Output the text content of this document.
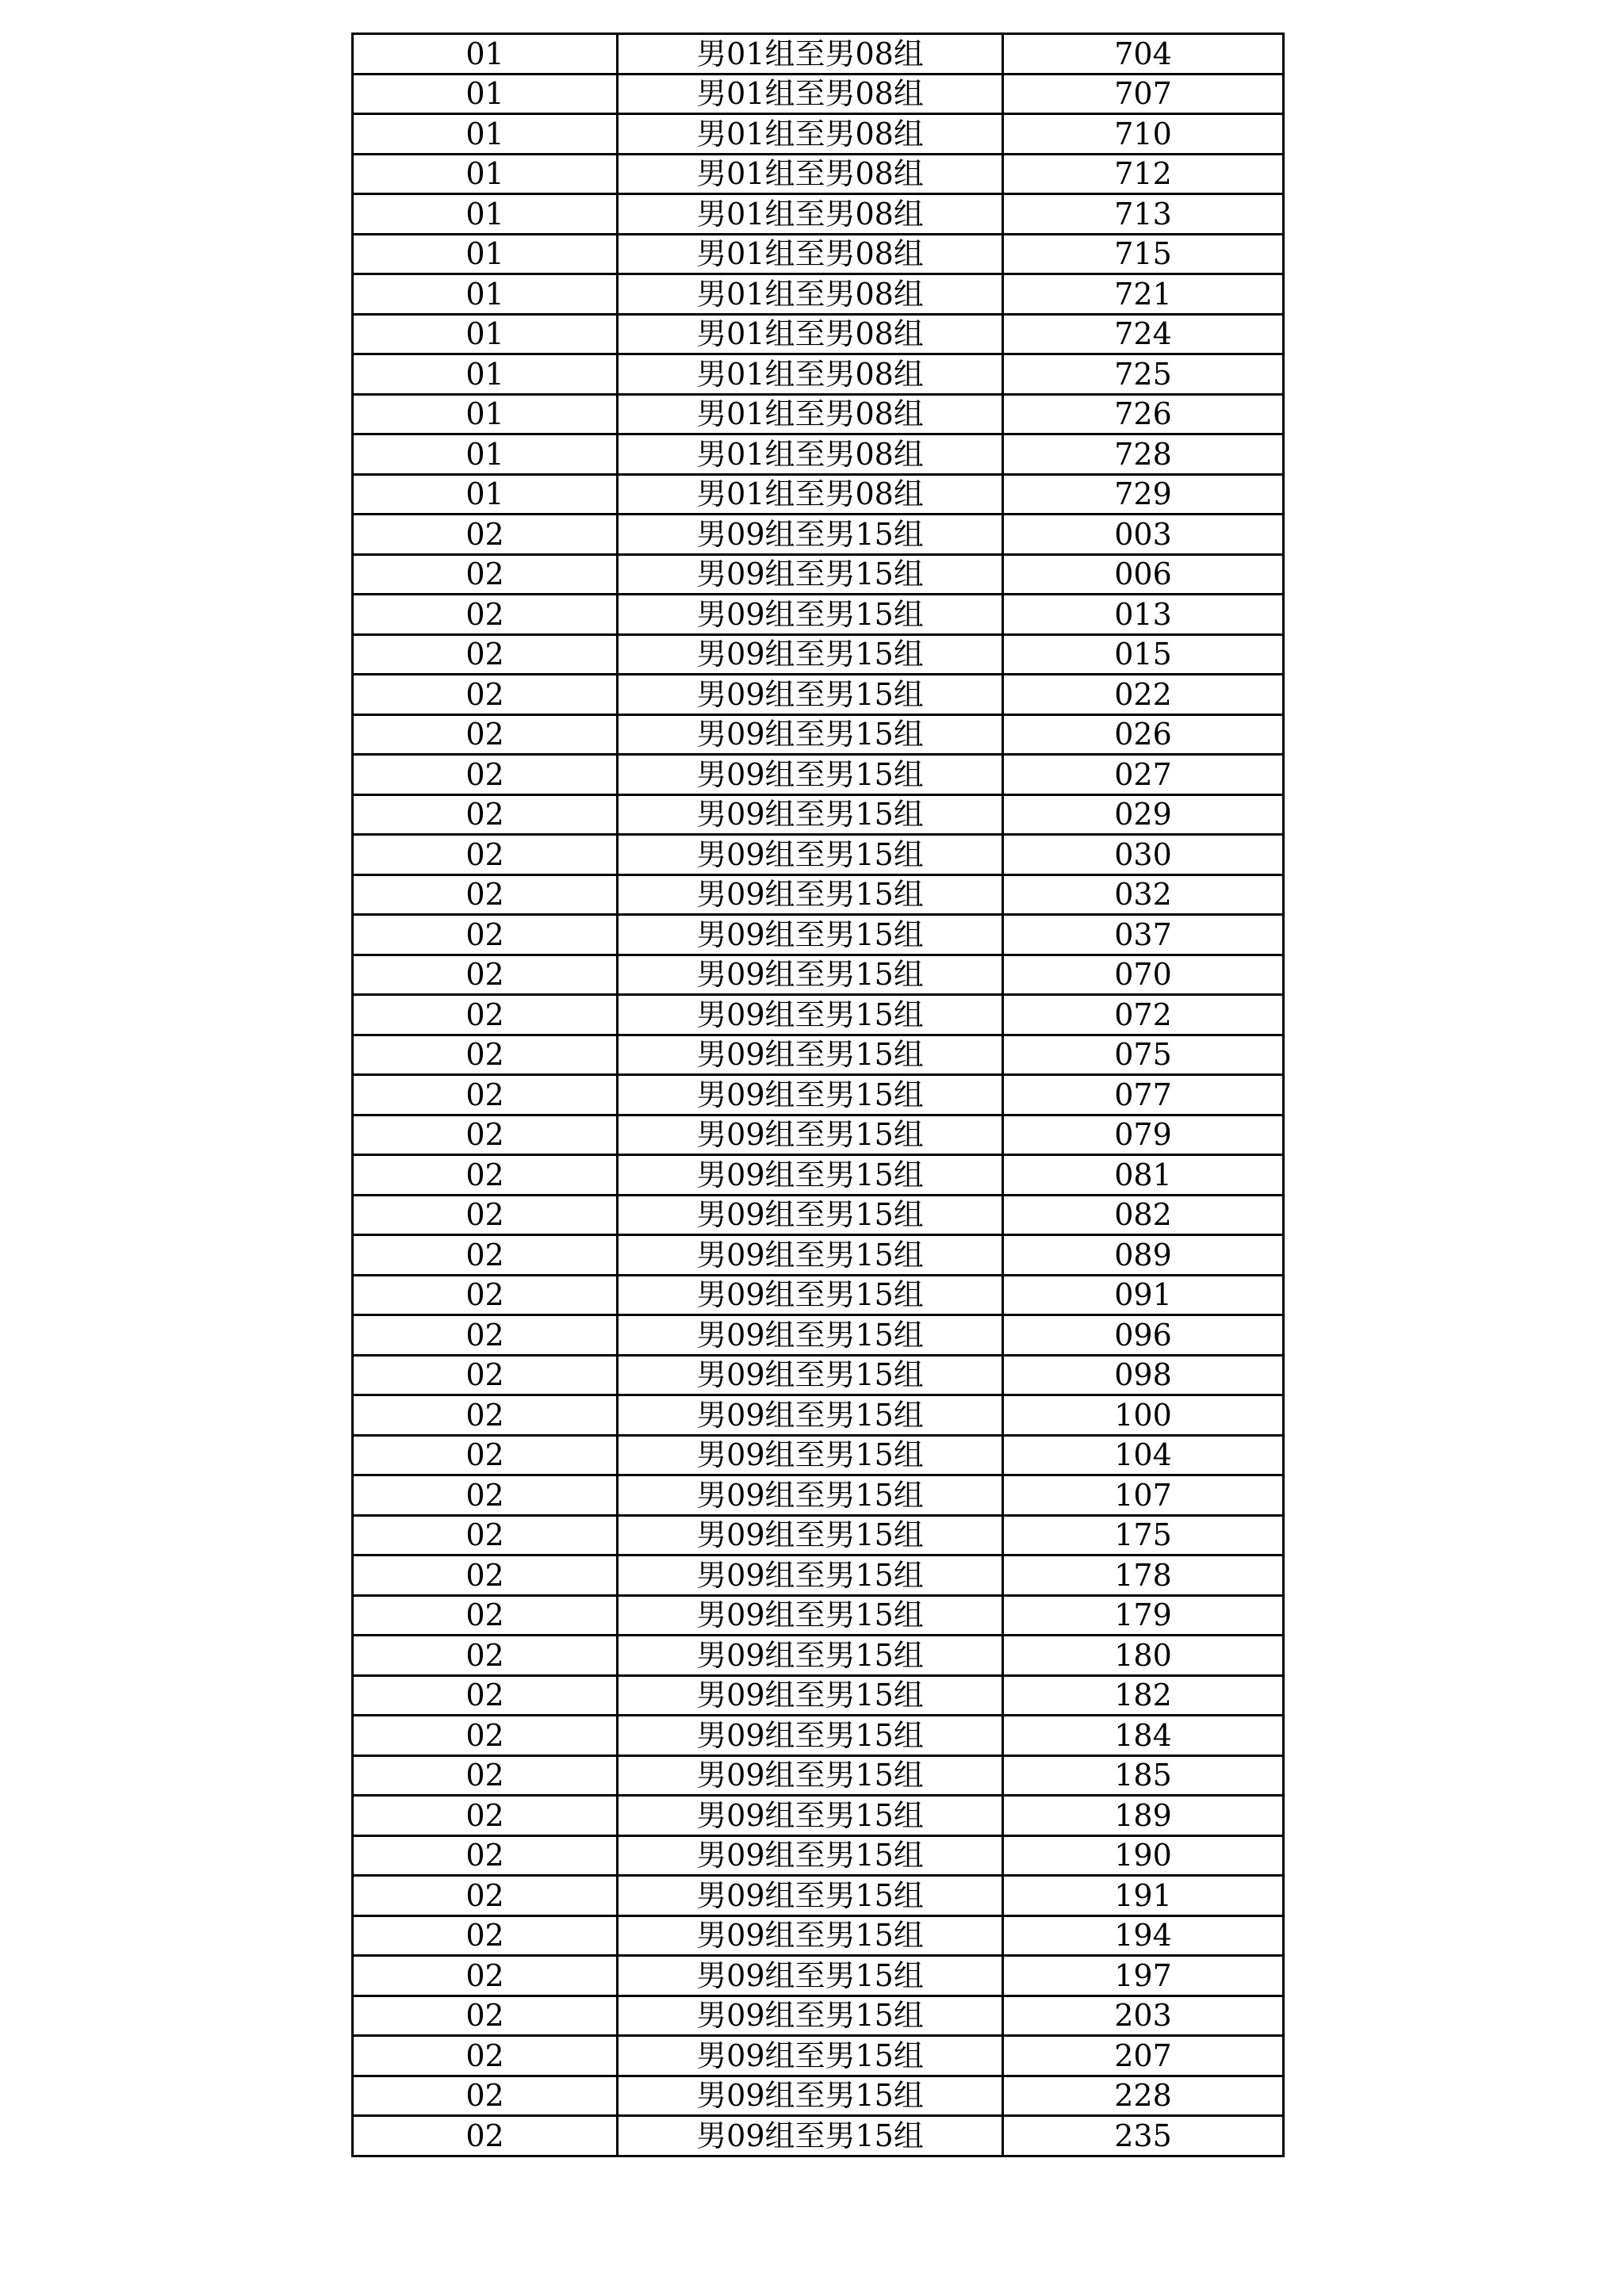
01	男01组至男08组	704
01	男01组至男08组	707
01	男01组至男08组	710
01	男01组至男08组	712
01	男01组至男08组	713
01	男01组至男08组	715
01	男01组至男08组	721
01	男01组至男08组	724
01	男01组至男08组	725
01	男01组至男08组	726
01	男01组至男08组	728
01	男01组至男08组	729
02	男09组至男15组	003
02	男09组至男15组	006
02	男09组至男15组	013
02	男09组至男15组	015
02	男09组至男15组	022
02	男09组至男15组	026
02	男09组至男15组	027
02	男09组至男15组	029
02	男09组至男15组	030
02	男09组至男15组	032
02	男09组至男15组	037
02	男09组至男15组	070
02	男09组至男15组	072
02	男09组至男15组	075
02	男09组至男15组	077
02	男09组至男15组	079
02	男09组至男15组	081
02	男09组至男15组	082
02	男09组至男15组	089
02	男09组至男15组	091
02	男09组至男15组	096
02	男09组至男15组	098
02	男09组至男15组	100
02	男09组至男15组	104
02	男09组至男15组	107
02	男09组至男15组	175
02	男09组至男15组	178
02	男09组至男15组	179
02	男09组至男15组	180
02	男09组至男15组	182
02	男09组至男15组	184
02	男09组至男15组	185
02	男09组至男15组	189
02	男09组至男15组	190
02	男09组至男15组	191
02	男09组至男15组	194
02	男09组至男15组	197
02	男09组至男15组	203
02	男09组至男15组	207
02	男09组至男15组	228
02	男09组至男15组	235
